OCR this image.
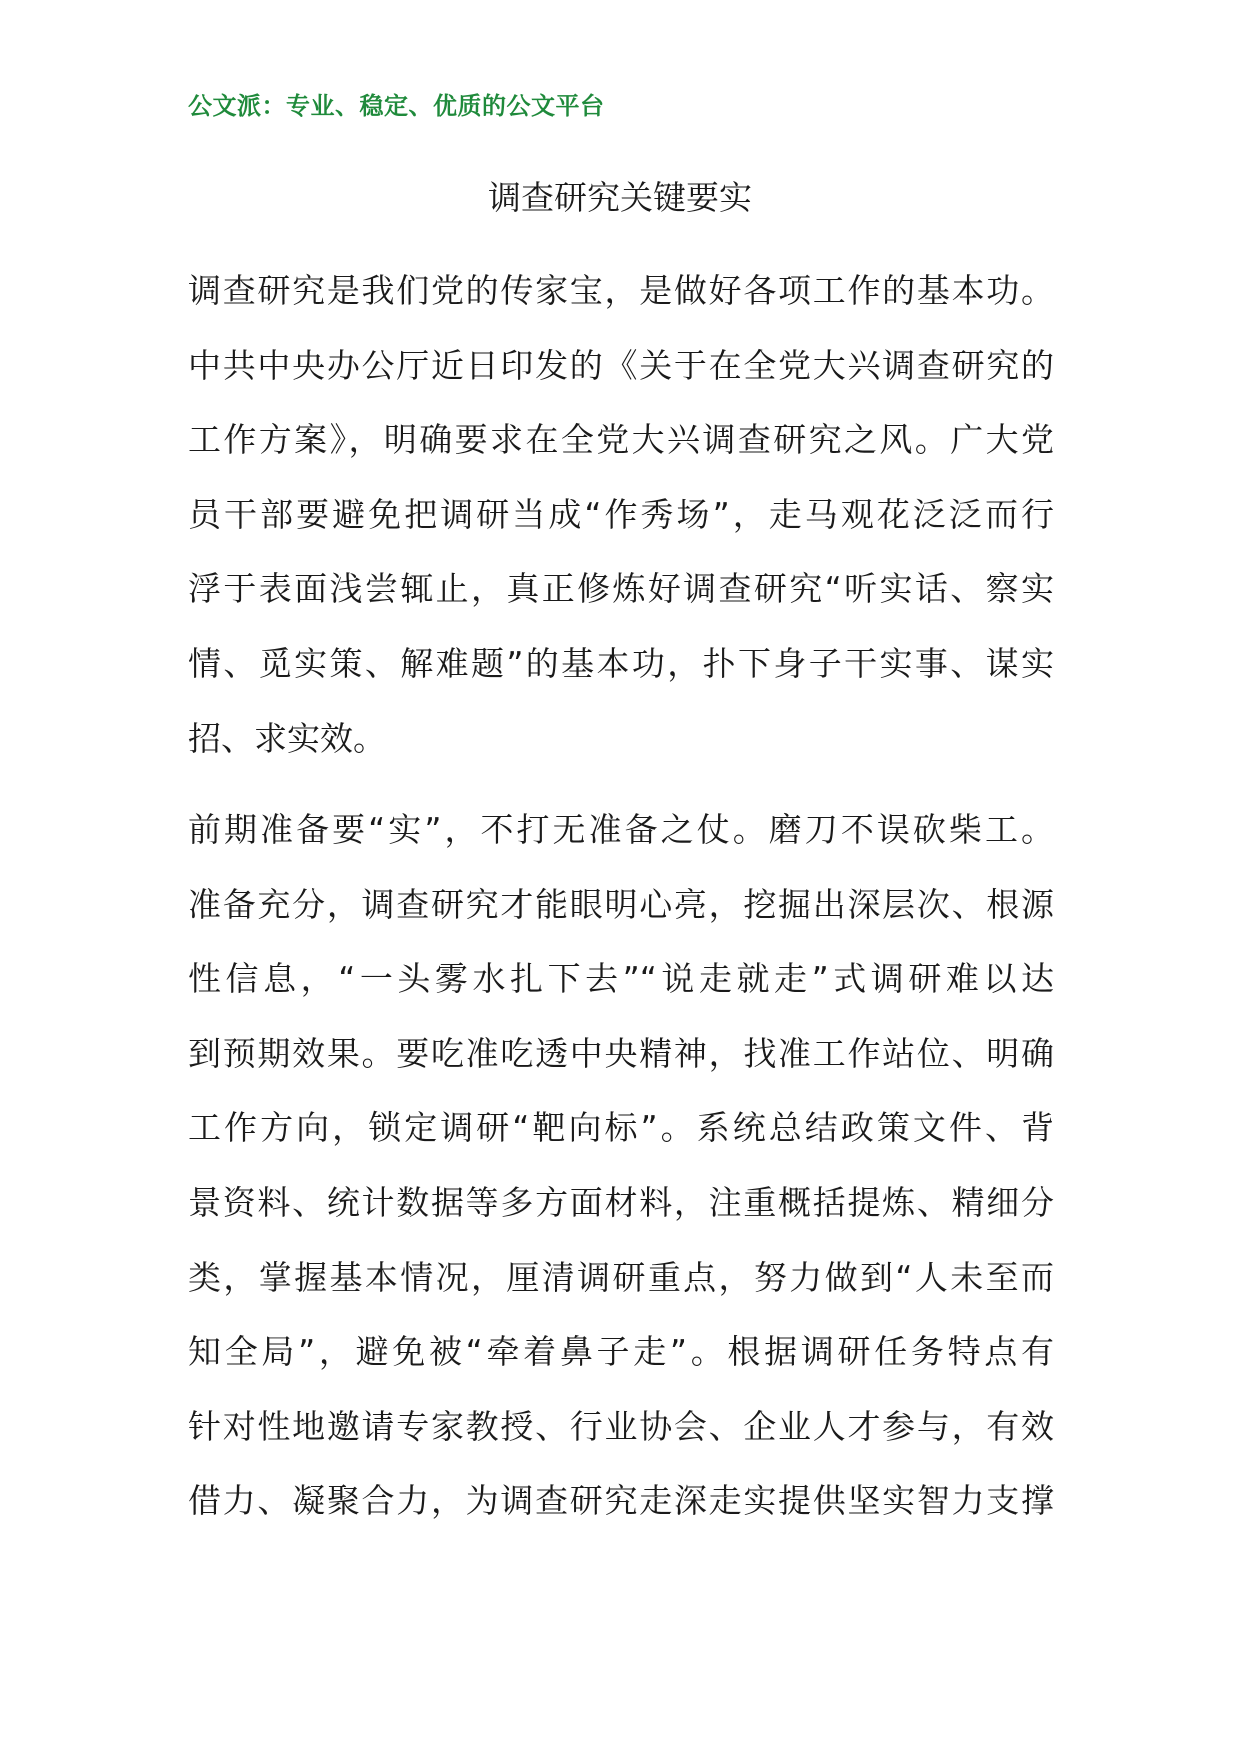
公文派：专业、稳定、优质的公文平台
调查研究关键要实
调查研究是我们党的传家宝，是做好各项工作的基本功。
中共中央办公厅近日印发的《关于在全党大兴调查研究的
工作方案》，明确要求在全党大兴调查研究之风。广大党
员干部要避免把调研当成“作秀场”，走马观花泛泛而行
浮于表面浅尝辄止，真正修炼好调查研究“听实话、察实
情、觅实策、解难题”的基本功，扑下身子干实事、谋实
招、求实效。
前期准备要“实”，不打无准备之仗。磨刀不误砍柴工。
准备充分，调查研究才能眼明心亮，挖掘出深层次、根源
性信息，“一头雾水扎下去”“说走就走”式调研难以达
到预期效果。要吃准吃透中央精神，找准工作站位、明确
工作方向，锁定调研“靶向标”。系统总结政策文件、背
景资料、统计数据等多方面材料，注重概括提炼、精细分
类，掌握基本情况，厘清调研重点，努力做到“人未至而
知全局”，避免被“牵着鼻子走”。根据调研任务特点有
针对性地邀请专家教授、行业协会、企业人才参与，有效
借力、凝聚合力，为调查研究走深走实提供坚实智力支撑
